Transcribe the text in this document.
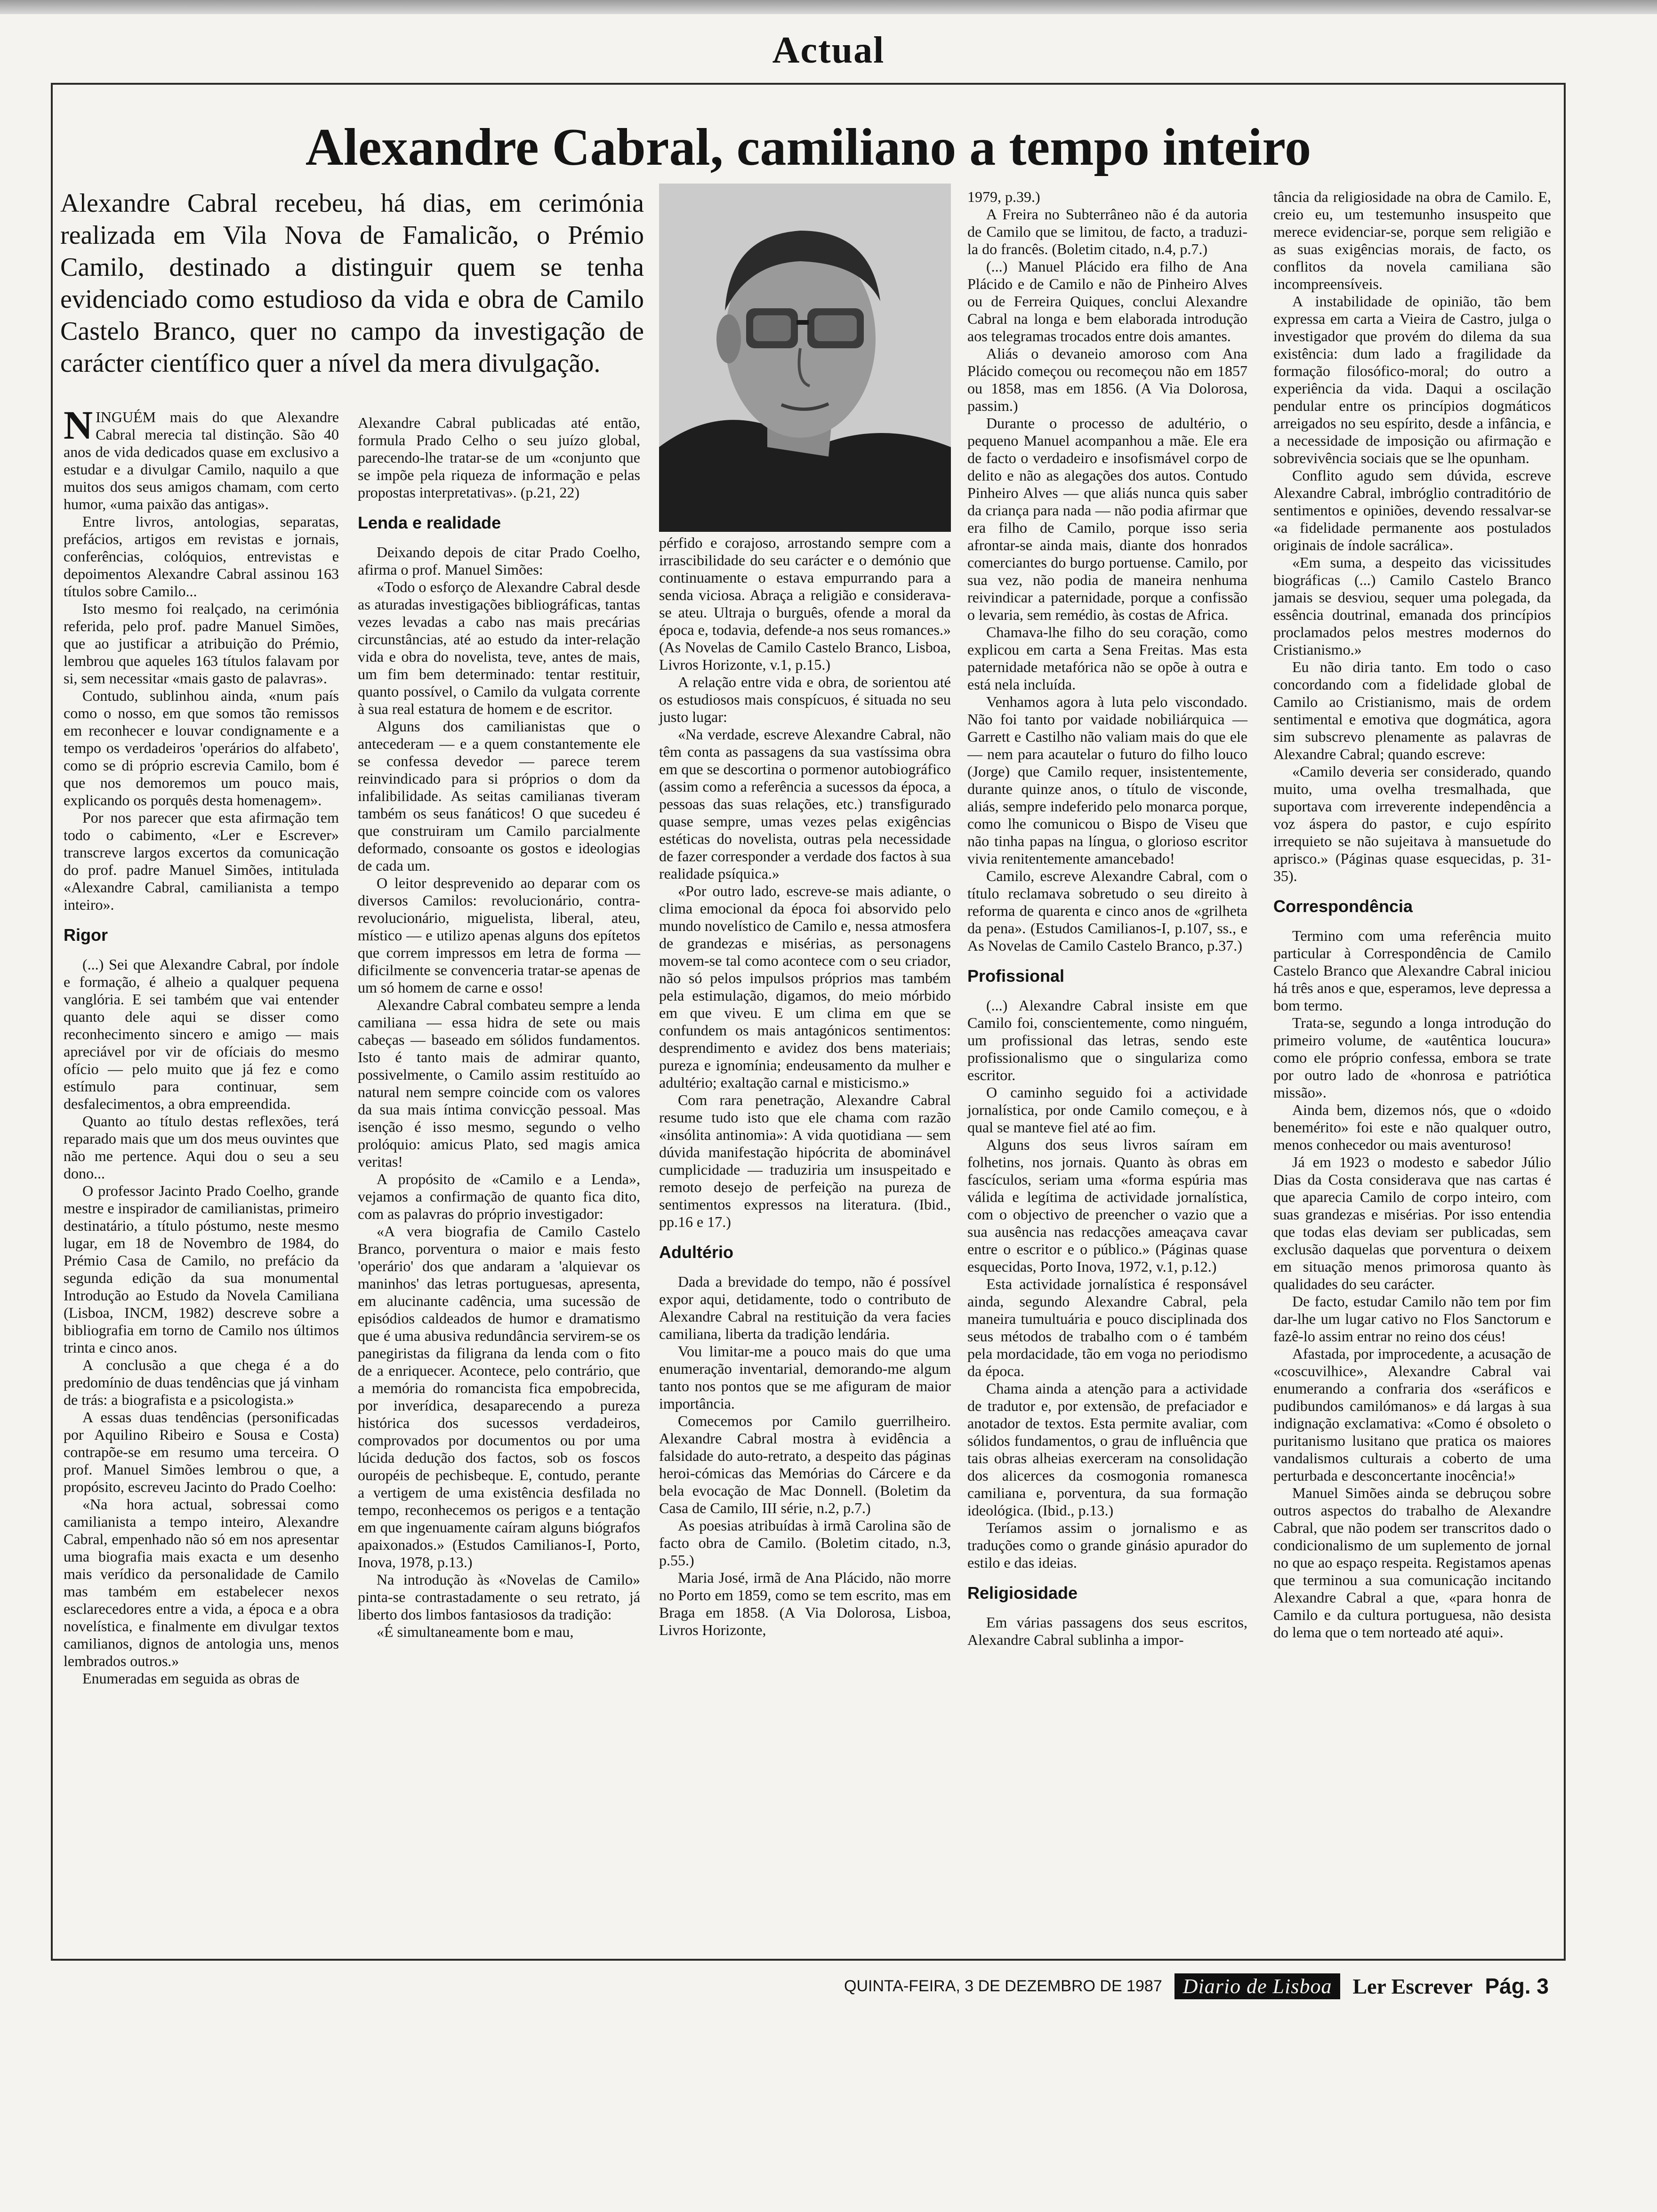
Actual
Alexandre Cabral, camiliano a tempo inteiro
Alexandre Cabral recebeu, há dias, em cerimónia realizada em Vila Nova de Famalicão, o Prémio Camilo, destinado a distinguir quem se tenha evidenciado como estudioso da vida e obra de Camilo Castelo Branco, quer no campo da investigação de carácter científico quer a nível da mera divulgação.

NINGUÉM mais do que Alexandre Cabral merecia tal distinção. São 40 anos de vida dedicados quase em exclusivo a estudar e a divulgar Camilo, naquilo a que muitos dos seus amigos chamam, com certo humor, «uma paixão das antigas».

Entre livros, antologias, separatas, prefácios, artigos em revistas e jornais, conferências, colóquios, entrevistas e depoimentos Alexandre Cabral assinou 163 títulos sobre Camilo...

Isto mesmo foi realçado, na cerimónia referida, pelo prof. padre Manuel Simões, que ao justificar a atribuição do Prémio, lembrou que aqueles 163 títulos falavam por si, sem necessitar «mais gasto de palavras».

Contudo, sublinhou ainda, «num país como o nosso, em que somos tão remissos em reconhecer e louvar condignamente e a tempo os verdadeiros 'operários do alfabeto', como se di próprio escrevia Camilo, bom é que nos demoremos um pouco mais, explicando os porquês desta homenagem».

Por nos parecer que esta afirmação tem todo o cabimento, «Ler e Escrever» transcreve largos excertos da comunicação do prof. padre Manuel Simões, intitulada «Alexandre Cabral, camilianista a tempo inteiro».

Rigor

(...) Sei que Alexandre Cabral, por índole e formação, é alheio a qualquer pequena vanglória. E sei também que vai entender quanto dele aqui se disser como reconhecimento sincero e amigo — mais apreciável por vir de ofíciais do mesmo ofício — pelo muito que já fez e como estímulo para continuar, sem desfalecimentos, a obra empreendida.

Quanto ao título destas reflexões, terá reparado mais que um dos meus ouvintes que não me pertence. Aqui dou o seu a seu dono...

O professor Jacinto Prado Coelho, grande mestre e inspirador de camilianistas, primeiro destinatário, a título póstumo, neste mesmo lugar, em 18 de Novembro de 1984, do Prémio Casa de Camilo, no prefácio da segunda edição da sua monumental Introdução ao Estudo da Novela Camiliana (Lisboa, INCM, 1982) descreve sobre a bibliografia em torno de Camilo nos últimos trinta e cinco anos.

A conclusão a que chega é a do predomínio de duas tendências que já vinham de trás: a biografista e a psicologista.»

A essas duas tendências (personificadas por Aquilino Ribeiro e Sousa e Costa) contrapõe-se em resumo uma terceira. O prof. Manuel Simões lembrou o que, a propósito, escreveu Jacinto do Prado Coelho:

«Na hora actual, sobressai como camilianista a tempo inteiro, Alexandre Cabral, empenhado não só em nos apresentar uma biografia mais exacta e um desenho mais verídico da personalidade de Camilo mas também em estabelecer nexos esclarecedores entre a vida, a época e a obra novelística, e finalmente em divulgar textos camilianos, dignos de antologia uns, menos lembrados outros.»

Enumeradas em seguida as obras de

Alexandre Cabral publicadas até então, formula Prado Celho o seu juízo global, parecendo-lhe tratar-se de um «conjunto que se impõe pela riqueza de informação e pelas propostas interpretativas». (p.21, 22)

Lenda e realidade

Deixando depois de citar Prado Coelho, afirma o prof. Manuel Simões:

«Todo o esforço de Alexandre Cabral desde as aturadas investigações bibliográficas, tantas vezes levadas a cabo nas mais precárias circunstâncias, até ao estudo da inter-relação vida e obra do novelista, teve, antes de mais, um fim bem determinado: tentar restituir, quanto possível, o Camilo da vulgata corrente à sua real estatura de homem e de escritor.

Alguns dos camilianistas que o antecederam — e a quem constantemente ele se confessa devedor — parece terem reinvindicado para si próprios o dom da infalibilidade. As seitas camilianas tiveram também os seus fanáticos! O que sucedeu é que construiram um Camilo parcialmente deformado, consoante os gostos e ideologias de cada um.

O leitor desprevenido ao deparar com os diversos Camilos: revolucionário, contra-revolucionário, miguelista, liberal, ateu, místico — e utilizo apenas alguns dos epítetos que correm impressos em letra de forma — dificilmente se convenceria tratar-se apenas de um só homem de carne e osso!

Alexandre Cabral combateu sempre a lenda camiliana — essa hidra de sete ou mais cabeças — baseado em sólidos fundamentos. Isto é tanto mais de admirar quanto, possivelmente, o Camilo assim restituído ao natural nem sempre coincide com os valores da sua mais íntima convicção pessoal. Mas isenção é isso mesmo, segundo o velho prolóquio: amicus Plato, sed magis amica veritas!

A propósito de «Camilo e a Lenda», vejamos a confirmação de quanto fica dito, com as palavras do próprio investigador:

«A vera biografia de Camilo Castelo Branco, porventura o maior e mais festo 'operário' dos que andaram a 'alquievar os maninhos' das letras portuguesas, apresenta, em alucinante cadência, uma sucessão de episódios caldeados de humor e dramatismo que é uma abusiva redundância servirem-se os panegiristas da filigrana da lenda com o fito de a enriquecer. Acontece, pelo contrário, que a memória do romancista fica empobrecida, por inverídica, desaparecendo a pureza histórica dos sucessos verdadeiros, comprovados por documentos ou por uma lúcida dedução dos factos, sob os foscos ouropéis de pechisbeque. E, contudo, perante a vertigem de uma existência desfilada no tempo, reconhecemos os perigos e a tentação em que ingenuamente caíram alguns biógrafos apaixonados.» (Estudos Camilianos-I, Porto, Inova, 1978, p.13.)

Na introdução às «Novelas de Camilo» pinta-se contrastadamente o seu retrato, já liberto dos limbos fantasiosos da tradição:

«É simultaneamente bom e mau,

pérfido e corajoso, arrostando sempre com a irrascibilidade do seu carácter e o demónio que continuamente o estava empurrando para a senda viciosa. Abraça a religião e considerava-se ateu. Ultraja o burguês, ofende a moral da época e, todavia, defende-a nos seus romances.» (As Novelas de Camilo Castelo Branco, Lisboa, Livros Horizonte, v.1, p.15.)

A relação entre vida e obra, de sorientou até os estudiosos mais conspícuos, é situada no seu justo lugar:

«Na verdade, escreve Alexandre Cabral, não têm conta as passagens da sua vastíssima obra em que se descortina o pormenor autobiográfico (assim como a referência a sucessos da época, a pessoas das suas relações, etc.) transfigurado quase sempre, umas vezes pelas exigências estéticas do novelista, outras pela necessidade de fazer corresponder a verdade dos factos à sua realidade psíquica.»

«Por outro lado, escreve-se mais adiante, o clima emocional da época foi absorvido pelo mundo novelístico de Camilo e, nessa atmosfera de grandezas e misérias, as personagens movem-se tal como acontece com o seu criador, não só pelos impulsos próprios mas também pela estimulação, digamos, do meio mórbido em que viveu. E um clima em que se confundem os mais antagónicos sentimentos: desprendimento e avidez dos bens materiais; pureza e ignomínia; endeusamento da mulher e adultério; exaltação carnal e misticismo.»

Com rara penetração, Alexandre Cabral resume tudo isto que ele chama com razão «insólita antinomia»: A vida quotidiana — sem dúvida manifestação hipócrita de abominável cumplicidade — traduziria um insuspeitado e remoto desejo de perfeição na pureza de sentimentos expressos na literatura. (Ibid., pp.16 e 17.)

Adultério

Dada a brevidade do tempo, não é possível expor aqui, detidamente, todo o contributo de Alexandre Cabral na restituição da vera facies camiliana, liberta da tradição lendária.

Vou limitar-me a pouco mais do que uma enumeração inventarial, demorando-me algum tanto nos pontos que se me afiguram de maior importância.

Comecemos por Camilo guerrilheiro. Alexandre Cabral mostra à evidência a falsidade do auto-retrato, a despeito das páginas heroi-cómicas das Memórias do Cárcere e da bela evocação de Mac Donnell. (Boletim da Casa de Camilo, III série, n.2, p.7.)

As poesias atribuídas à irmã Carolina são de facto obra de Camilo. (Boletim citado, n.3, p.55.)

Maria José, irmã de Ana Plácido, não morre no Porto em 1859, como se tem escrito, mas em Braga em 1858. (A Via Dolorosa, Lisboa, Livros Horizonte,

1979, p.39.)

A Freira no Subterrâneo não é da autoria de Camilo que se limitou, de facto, a traduzi-la do francês. (Boletim citado, n.4, p.7.)

(...) Manuel Plácido era filho de Ana Plácido e de Camilo e não de Pinheiro Alves ou de Ferreira Quiques, conclui Alexandre Cabral na longa e bem elaborada introdução aos telegramas trocados entre dois amantes.

Aliás o devaneio amoroso com Ana Plácido começou ou recomeçou não em 1857 ou 1858, mas em 1856. (A Via Dolorosa, passim.)

Durante o processo de adultério, o pequeno Manuel acompanhou a mãe. Ele era de facto o verdadeiro e insofismável corpo de delito e não as alegações dos autos. Contudo Pinheiro Alves — que aliás nunca quis saber da criança para nada — não podia afirmar que era filho de Camilo, porque isso seria afrontar-se ainda mais, diante dos honrados comerciantes do burgo portuense. Camilo, por sua vez, não podia de maneira nenhuma reivindicar a paternidade, porque a confissão o levaria, sem remédio, às costas de Africa.

Chamava-lhe filho do seu coração, como explicou em carta a Sena Freitas. Mas esta paternidade metafórica não se opõe à outra e está nela incluída.

Venhamos agora à luta pelo viscondado. Não foi tanto por vaidade nobiliárquica — Garrett e Castilho não valiam mais do que ele — nem para acautelar o futuro do filho louco (Jorge) que Camilo requer, insistentemente, durante quinze anos, o título de visconde, aliás, sempre indeferido pelo monarca porque, como lhe comunicou o Bispo de Viseu que não tinha papas na língua, o glorioso escritor vivia renitentemente amancebado!

Camilo, escreve Alexandre Cabral, com o título reclamava sobretudo o seu direito à reforma de quarenta e cinco anos de «grilheta da pena». (Estudos Camilianos-I, p.107, ss., e As Novelas de Camilo Castelo Branco, p.37.)

Profissional

(...) Alexandre Cabral insiste em que Camilo foi, conscientemente, como ninguém, um profissional das letras, sendo este profissionalismo que o singulariza como escritor.

O caminho seguido foi a actividade jornalística, por onde Camilo começou, e à qual se manteve fiel até ao fim.

Alguns dos seus livros saíram em folhetins, nos jornais. Quanto às obras em fascículos, seriam uma «forma espúria mas válida e legítima de actividade jornalística, com o objectivo de preencher o vazio que a sua ausência nas redacções ameaçava cavar entre o escritor e o público.» (Páginas quase esquecidas, Porto Inova, 1972, v.1, p.12.)

Esta actividade jornalística é responsável ainda, segundo Alexandre Cabral, pela maneira tumultuária e pouco disciplinada dos seus métodos de trabalho com o é também pela mordacidade, tão em voga no periodismo da época.

Chama ainda a atenção para a actividade de tradutor e, por extensão, de prefaciador e anotador de textos. Esta permite avaliar, com sólidos fundamentos, o grau de influência que tais obras alheias exerceram na consolidação dos alicerces da cosmogonia romanesca camiliana e, porventura, da sua formação ideológica. (Ibid., p.13.)

Teríamos assim o jornalismo e as traduções como o grande ginásio apurador do estilo e das ideias.

Religiosidade

Em várias passagens dos seus escritos, Alexandre Cabral sublinha a impor-

tância da religiosidade na obra de Camilo. E, creio eu, um testemunho insuspeito que merece evidenciar-se, porque sem religião e as suas exigências morais, de facto, os conflitos da novela camiliana são incompreensíveis.

A instabilidade de opinião, tão bem expressa em carta a Vieira de Castro, julga o investigador que provém do dilema da sua existência: dum lado a fragilidade da formação filosófico-moral; do outro a experiência da vida. Daqui a oscilação pendular entre os princípios dogmáticos arreigados no seu espírito, desde a infância, e a necessidade de imposição ou afirmação e sobrevivência sociais que se lhe opunham.

Conflito agudo sem dúvida, escreve Alexandre Cabral, imbróglio contraditório de sentimentos e opiniões, devendo ressalvar-se «a fidelidade permanente aos postulados originais de índole sacrálica».

«Em suma, a despeito das vicissitudes biográficas (...) Camilo Castelo Branco jamais se desviou, sequer uma polegada, da essência doutrinal, emanada dos princípios proclamados pelos mestres modernos do Cristianismo.»

Eu não diria tanto. Em todo o caso concordando com a fidelidade global de Camilo ao Cristianismo, mais de ordem sentimental e emotiva que dogmática, agora sim subscrevo plenamente as palavras de Alexandre Cabral; quando escreve:

«Camilo deveria ser considerado, quando muito, uma ovelha tresmalhada, que suportava com irreverente independência a voz áspera do pastor, e cujo espírito irrequieto se não sujeitava à mansuetude do aprisco.» (Páginas quase esquecidas, p. 31-35).

Correspondência

Termino com uma referência muito particular à Correspondência de Camilo Castelo Branco que Alexandre Cabral iniciou há três anos e que, esperamos, leve depressa a bom termo.

Trata-se, segundo a longa introdução do primeiro volume, de «autêntica loucura» como ele próprio confessa, embora se trate por outro lado de «honrosa e patriótica missão».

Ainda bem, dizemos nós, que o «doido benemérito» foi este e não qualquer outro, menos conhecedor ou mais aventuroso!

Já em 1923 o modesto e sabedor Júlio Dias da Costa considerava que nas cartas é que aparecia Camilo de corpo inteiro, com suas grandezas e misérias. Por isso entendia que todas elas deviam ser publicadas, sem exclusão daquelas que porventura o deixem em situação menos primorosa quanto às qualidades do seu carácter.

De facto, estudar Camilo não tem por fim dar-lhe um lugar cativo no Flos Sanctorum e fazê-lo assim entrar no reino dos céus!

Afastada, por improcedente, a acusação de «coscuvilhice», Alexandre Cabral vai enumerando a confraria dos «seráficos e pudibundos camilómanos» e dá largas à sua indignação exclamativa: «Como é obsoleto o puritanismo lusitano que pratica os maiores vandalismos culturais a coberto de uma perturbada e desconcertante inocência!»

Manuel Simões ainda se debruçou sobre outros aspectos do trabalho de Alexandre Cabral, que não podem ser transcritos dado o condicionalismo de um suplemento de jornal no que ao espaço respeita. Registamos apenas que terminou a sua comunicação incitando Alexandre Cabral a que, «para honra de Camilo e da cultura portuguesa, não desista do lema que o tem norteado até aqui».

QUINTA-FEIRA, 3 DE DEZEMBRO DE 1987	Diario de Lisboa Ler Escrever Pág. 3
